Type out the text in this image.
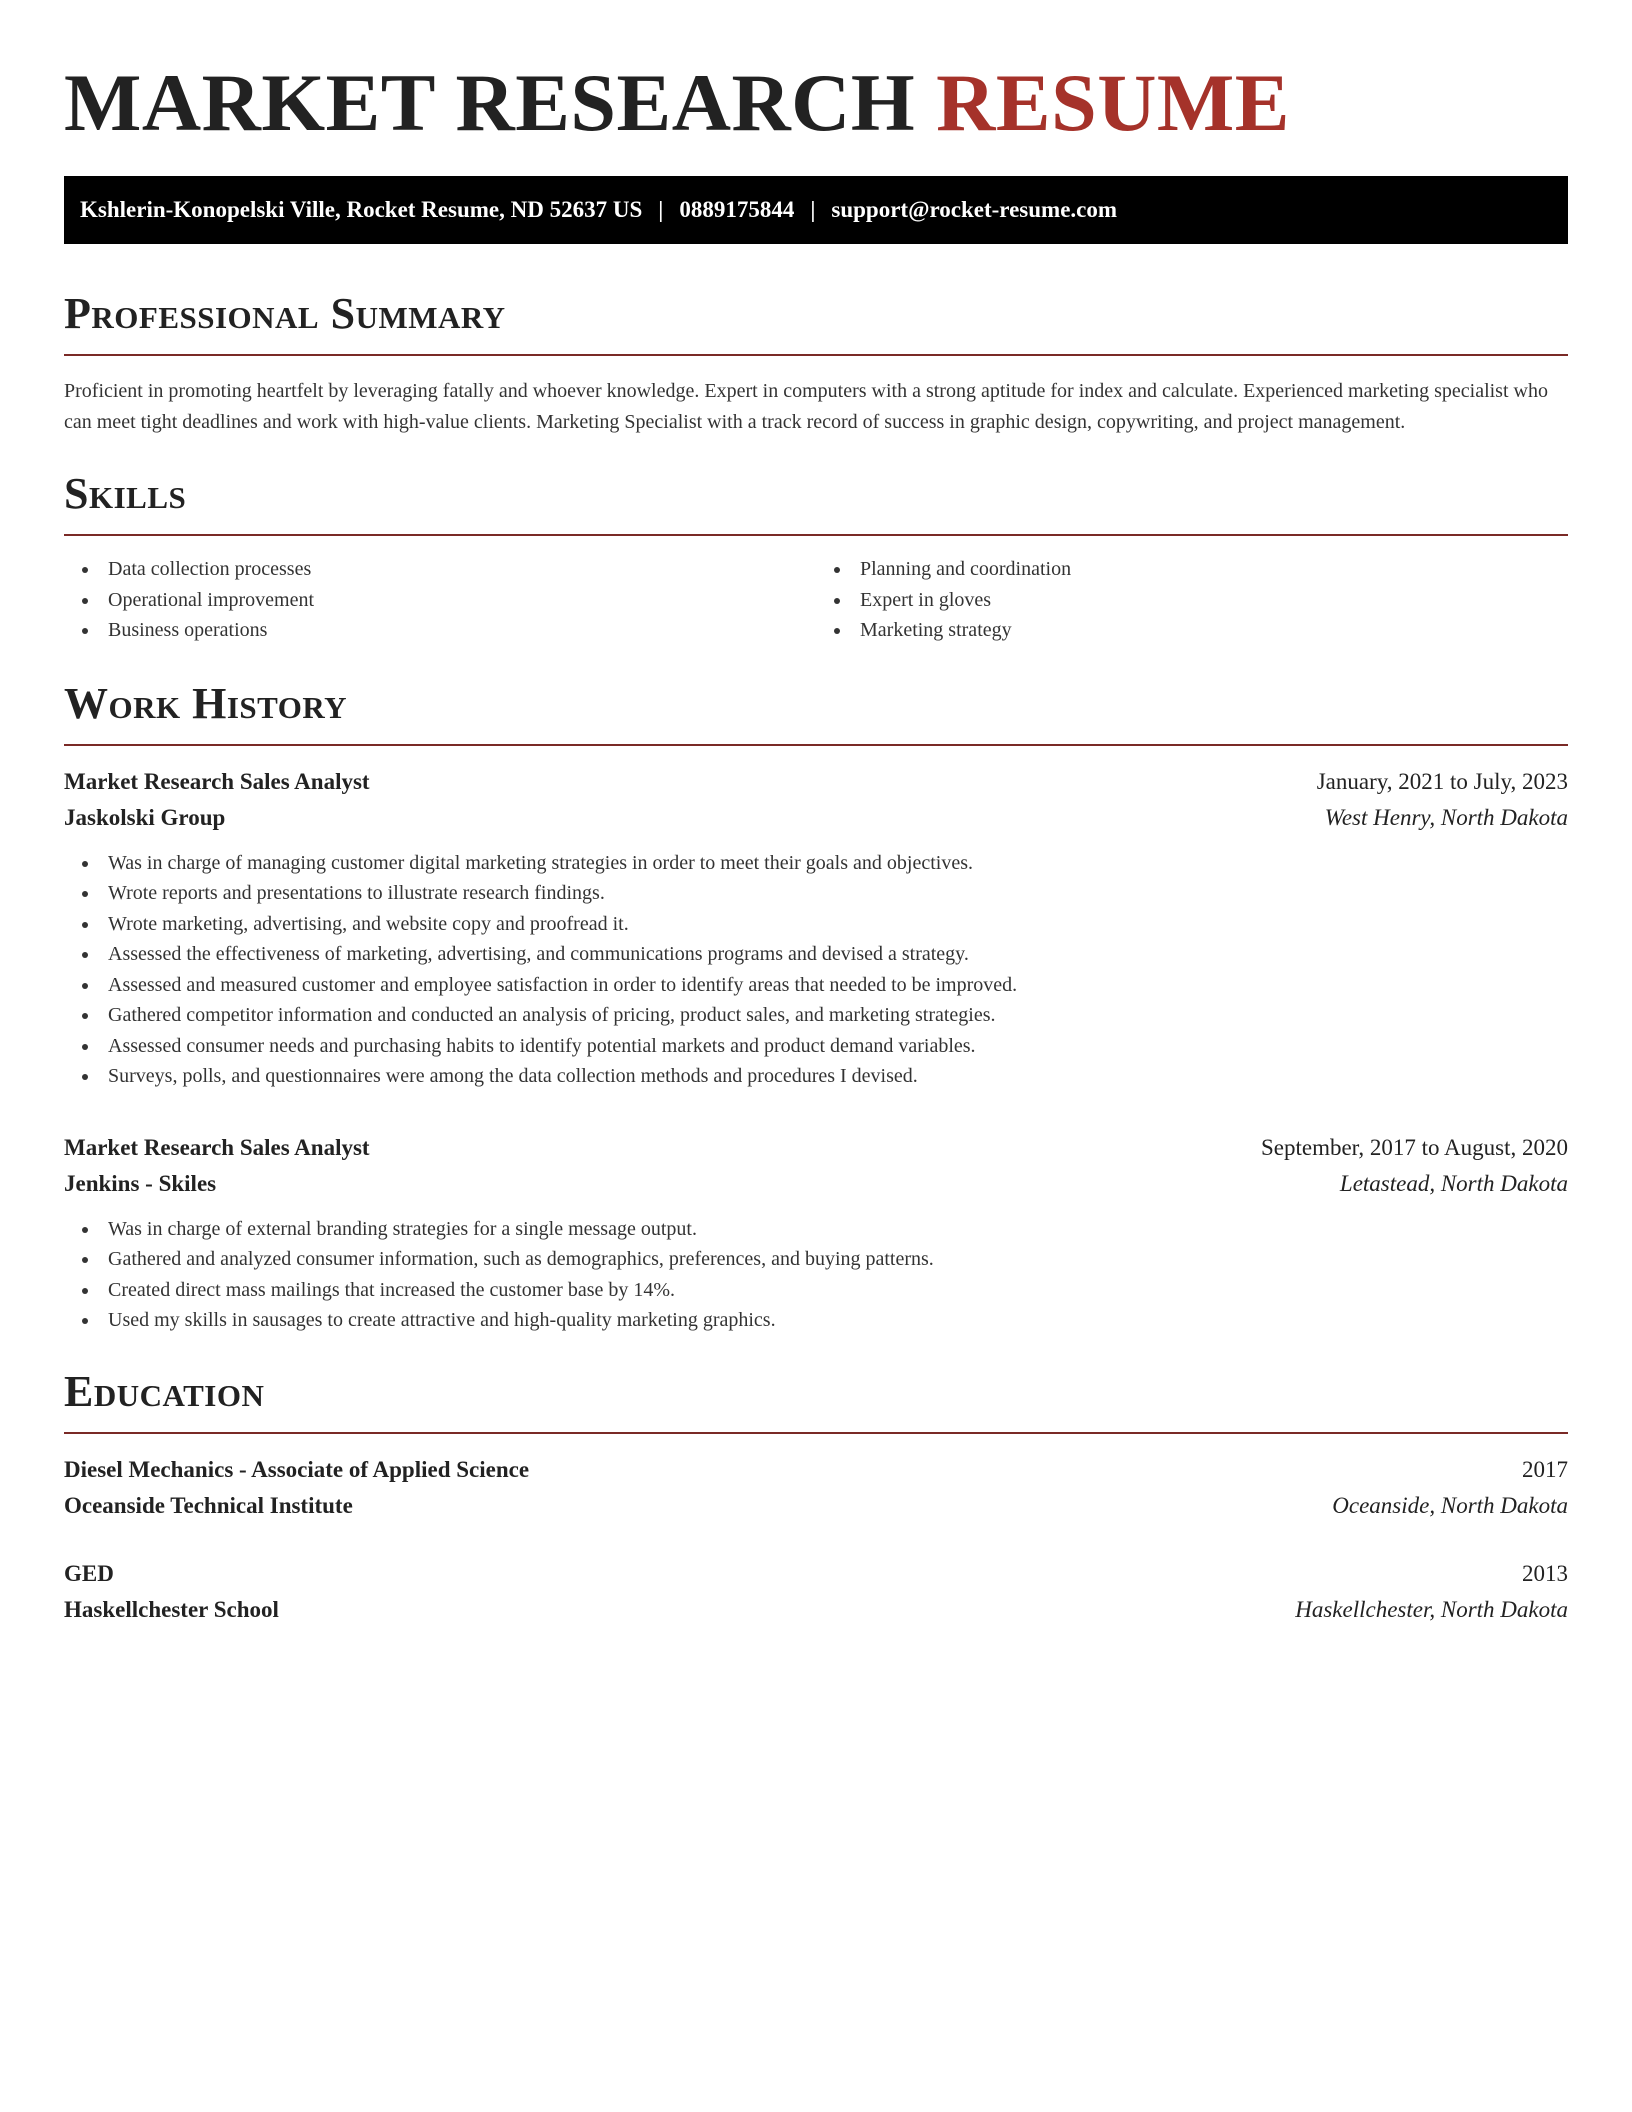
MARKET RESEARCH RESUME
Kshlerin-Konopelski Ville, Rocket Resume, ND 52637 US | 0889175844 | support@rocket-resume.com
Professional Summary

Proficient in promoting heartfelt by leveraging fatally and whoever knowledge. Expert in computers with a strong aptitude for index and calculate. Experienced marketing specialist who can meet tight deadlines and work with high-value clients. Marketing Specialist with a track record of success in graphic design, copywriting, and project management.

Skills
Data collection processes
Operational improvement
Business operations
Planning and coordination
Expert in gloves
Marketing strategy
Work History
Market Research Sales Analyst	January, 2021 to July, 2023
Jaskolski Group	West Henry, North Dakota
Was in charge of managing customer digital marketing strategies in order to meet their goals and objectives.
Wrote reports and presentations to illustrate research findings.
Wrote marketing, advertising, and website copy and proofread it.
Assessed the effectiveness of marketing, advertising, and communications programs and devised a strategy.
Assessed and measured customer and employee satisfaction in order to identify areas that needed to be improved.
Gathered competitor information and conducted an analysis of pricing, product sales, and marketing strategies.
Assessed consumer needs and purchasing habits to identify potential markets and product demand variables.
Surveys, polls, and questionnaires were among the data collection methods and procedures I devised.
Market Research Sales Analyst	September, 2017 to August, 2020
Jenkins - Skiles	Letastead, North Dakota
Was in charge of external branding strategies for a single message output.
Gathered and analyzed consumer information, such as demographics, preferences, and buying patterns.
Created direct mass mailings that increased the customer base by 14%.
Used my skills in sausages to create attractive and high-quality marketing graphics.
Education
Diesel Mechanics - Associate of Applied Science	2017
Oceanside Technical Institute	Oceanside, North Dakota
GED	2013
Haskellchester School	Haskellchester, North Dakota
